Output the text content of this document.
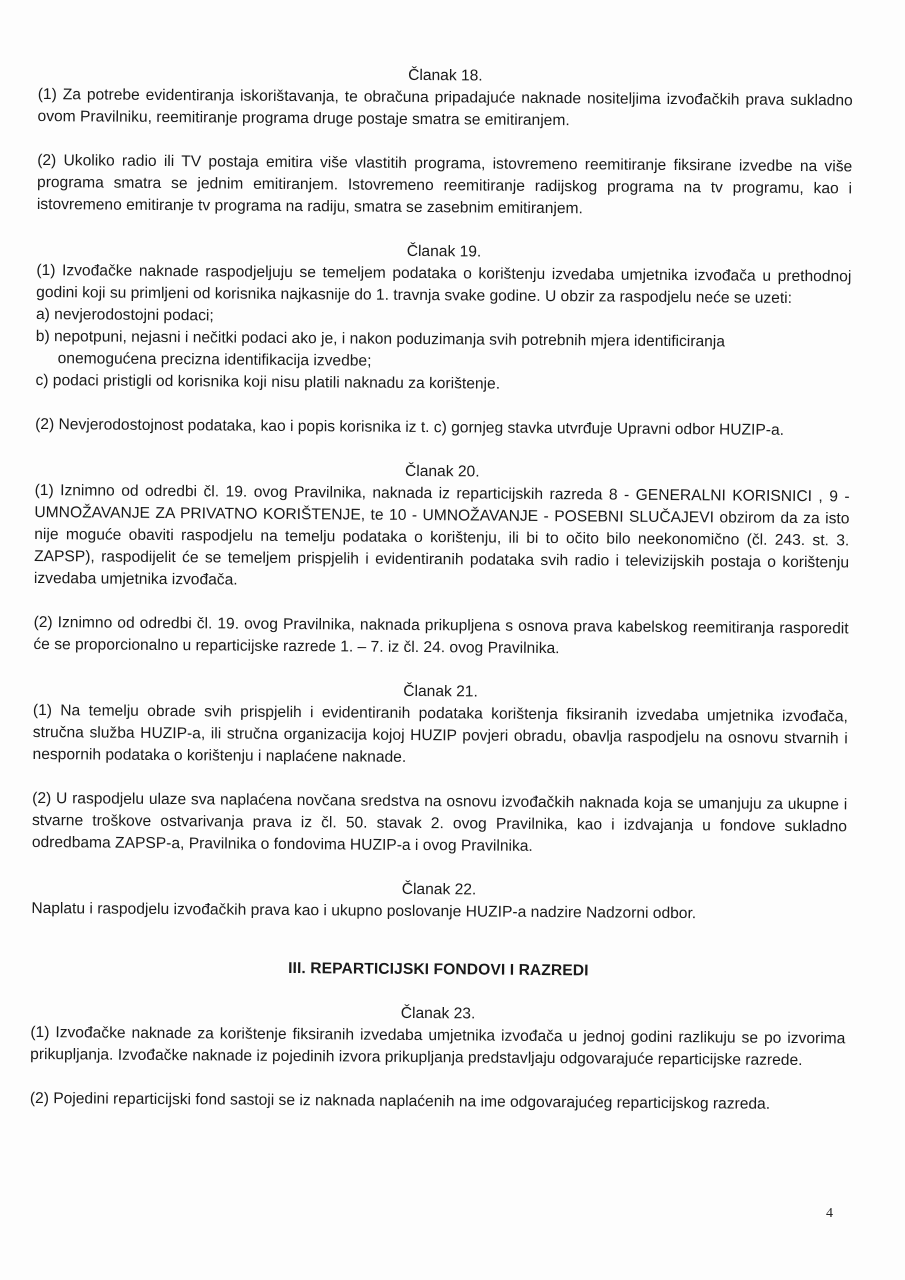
Članak 18.

(1) Za potrebe evidentiranja iskorištavanja, te obračuna pripadajuće naknade nositeljima izvođačkih prava sukladno ovom Pravilniku, reemitiranje programa druge postaje smatra se emitiranjem.

(2) Ukoliko radio ili TV postaja emitira više vlastitih programa, istovremeno reemitiranje fiksirane izvedbe na više programa smatra se jednim emitiranjem. Istovremeno reemitiranje radijskog programa na tv programu, kao i istovremeno emitiranje tv programa na radiju, smatra se zasebnim emitiranjem.

Članak 19.

(1) Izvođačke naknade raspodjeljuju se temeljem podataka o korištenju izvedaba umjetnika izvođača u prethodnoj godini koji su primljeni od korisnika najkasnije do 1. travnja svake godine. U obzir za raspodjelu neće se uzeti:

a) nevjerodostojni podaci;
b) nepotpuni, nejasni i nečitki podaci ako je, i nakon poduzimanja svih potrebnih mjera identificiranja
onemogućena precizna identifikacija izvedbe;
c) podaci pristigli od korisnika koji nisu platili naknadu za korištenje.

(2) Nevjerodostojnost podataka, kao i popis korisnika iz t. c) gornjeg stavka utvrđuje Upravni odbor HUZIP-a.

Članak 20.

(1) Iznimno od odredbi čl. 19. ovog Pravilnika, naknada iz reparticijskih razreda 8 - GENERALNI KORISNICI , 9 - UMNOŽAVANJE ZA PRIVATNO KORIŠTENJE, te 10 - UMNOŽAVANJE - POSEBNI SLUČAJEVI obzirom da za isto nije moguće obaviti raspodjelu na temelju podataka o korištenju, ili bi to očito bilo neekonomično (čl. 243. st. 3. ZAPSP), raspodijelit će se temeljem prispjelih i evidentiranih podataka svih radio i televizijskih postaja o korištenju izvedaba umjetnika izvođača.

(2) Iznimno od odredbi čl. 19. ovog Pravilnika, naknada prikupljena s osnova prava kabelskog reemitiranja rasporedit će se proporcionalno u reparticijske razrede 1. – 7. iz čl. 24. ovog Pravilnika.

Članak 21.

(1) Na temelju obrade svih prispjelih i evidentiranih podataka korištenja fiksiranih izvedaba umjetnika izvođača, stručna služba HUZIP-a, ili stručna organizacija kojoj HUZIP povjeri obradu, obavlja raspodjelu na osnovu stvarnih i nespornih podataka o korištenju i naplaćene naknade.

(2) U raspodjelu ulaze sva naplaćena novčana sredstva na osnovu izvođačkih naknada koja se umanjuju za ukupne i stvarne troškove ostvarivanja prava iz čl. 50. stavak 2. ovog Pravilnika, kao i izdvajanja u fondove sukladno odredbama ZAPSP-a, Pravilnika o fondovima HUZIP-a i ovog Pravilnika.

Članak 22.

Naplatu i raspodjelu izvođačkih prava kao i ukupno poslovanje HUZIP-a nadzire Nadzorni odbor.

III. REPARTICIJSKI FONDOVI I RAZREDI

Članak 23.

(1) Izvođačke naknade za korištenje fiksiranih izvedaba umjetnika izvođača u jednoj godini razlikuju se po izvorima prikupljanja. Izvođačke naknade iz pojedinih izvora prikupljanja predstavljaju odgovarajuće reparticijske razrede.

(2) Pojedini reparticijski fond sastoji se iz naknada naplaćenih na ime odgovarajućeg reparticijskog razreda.

4
